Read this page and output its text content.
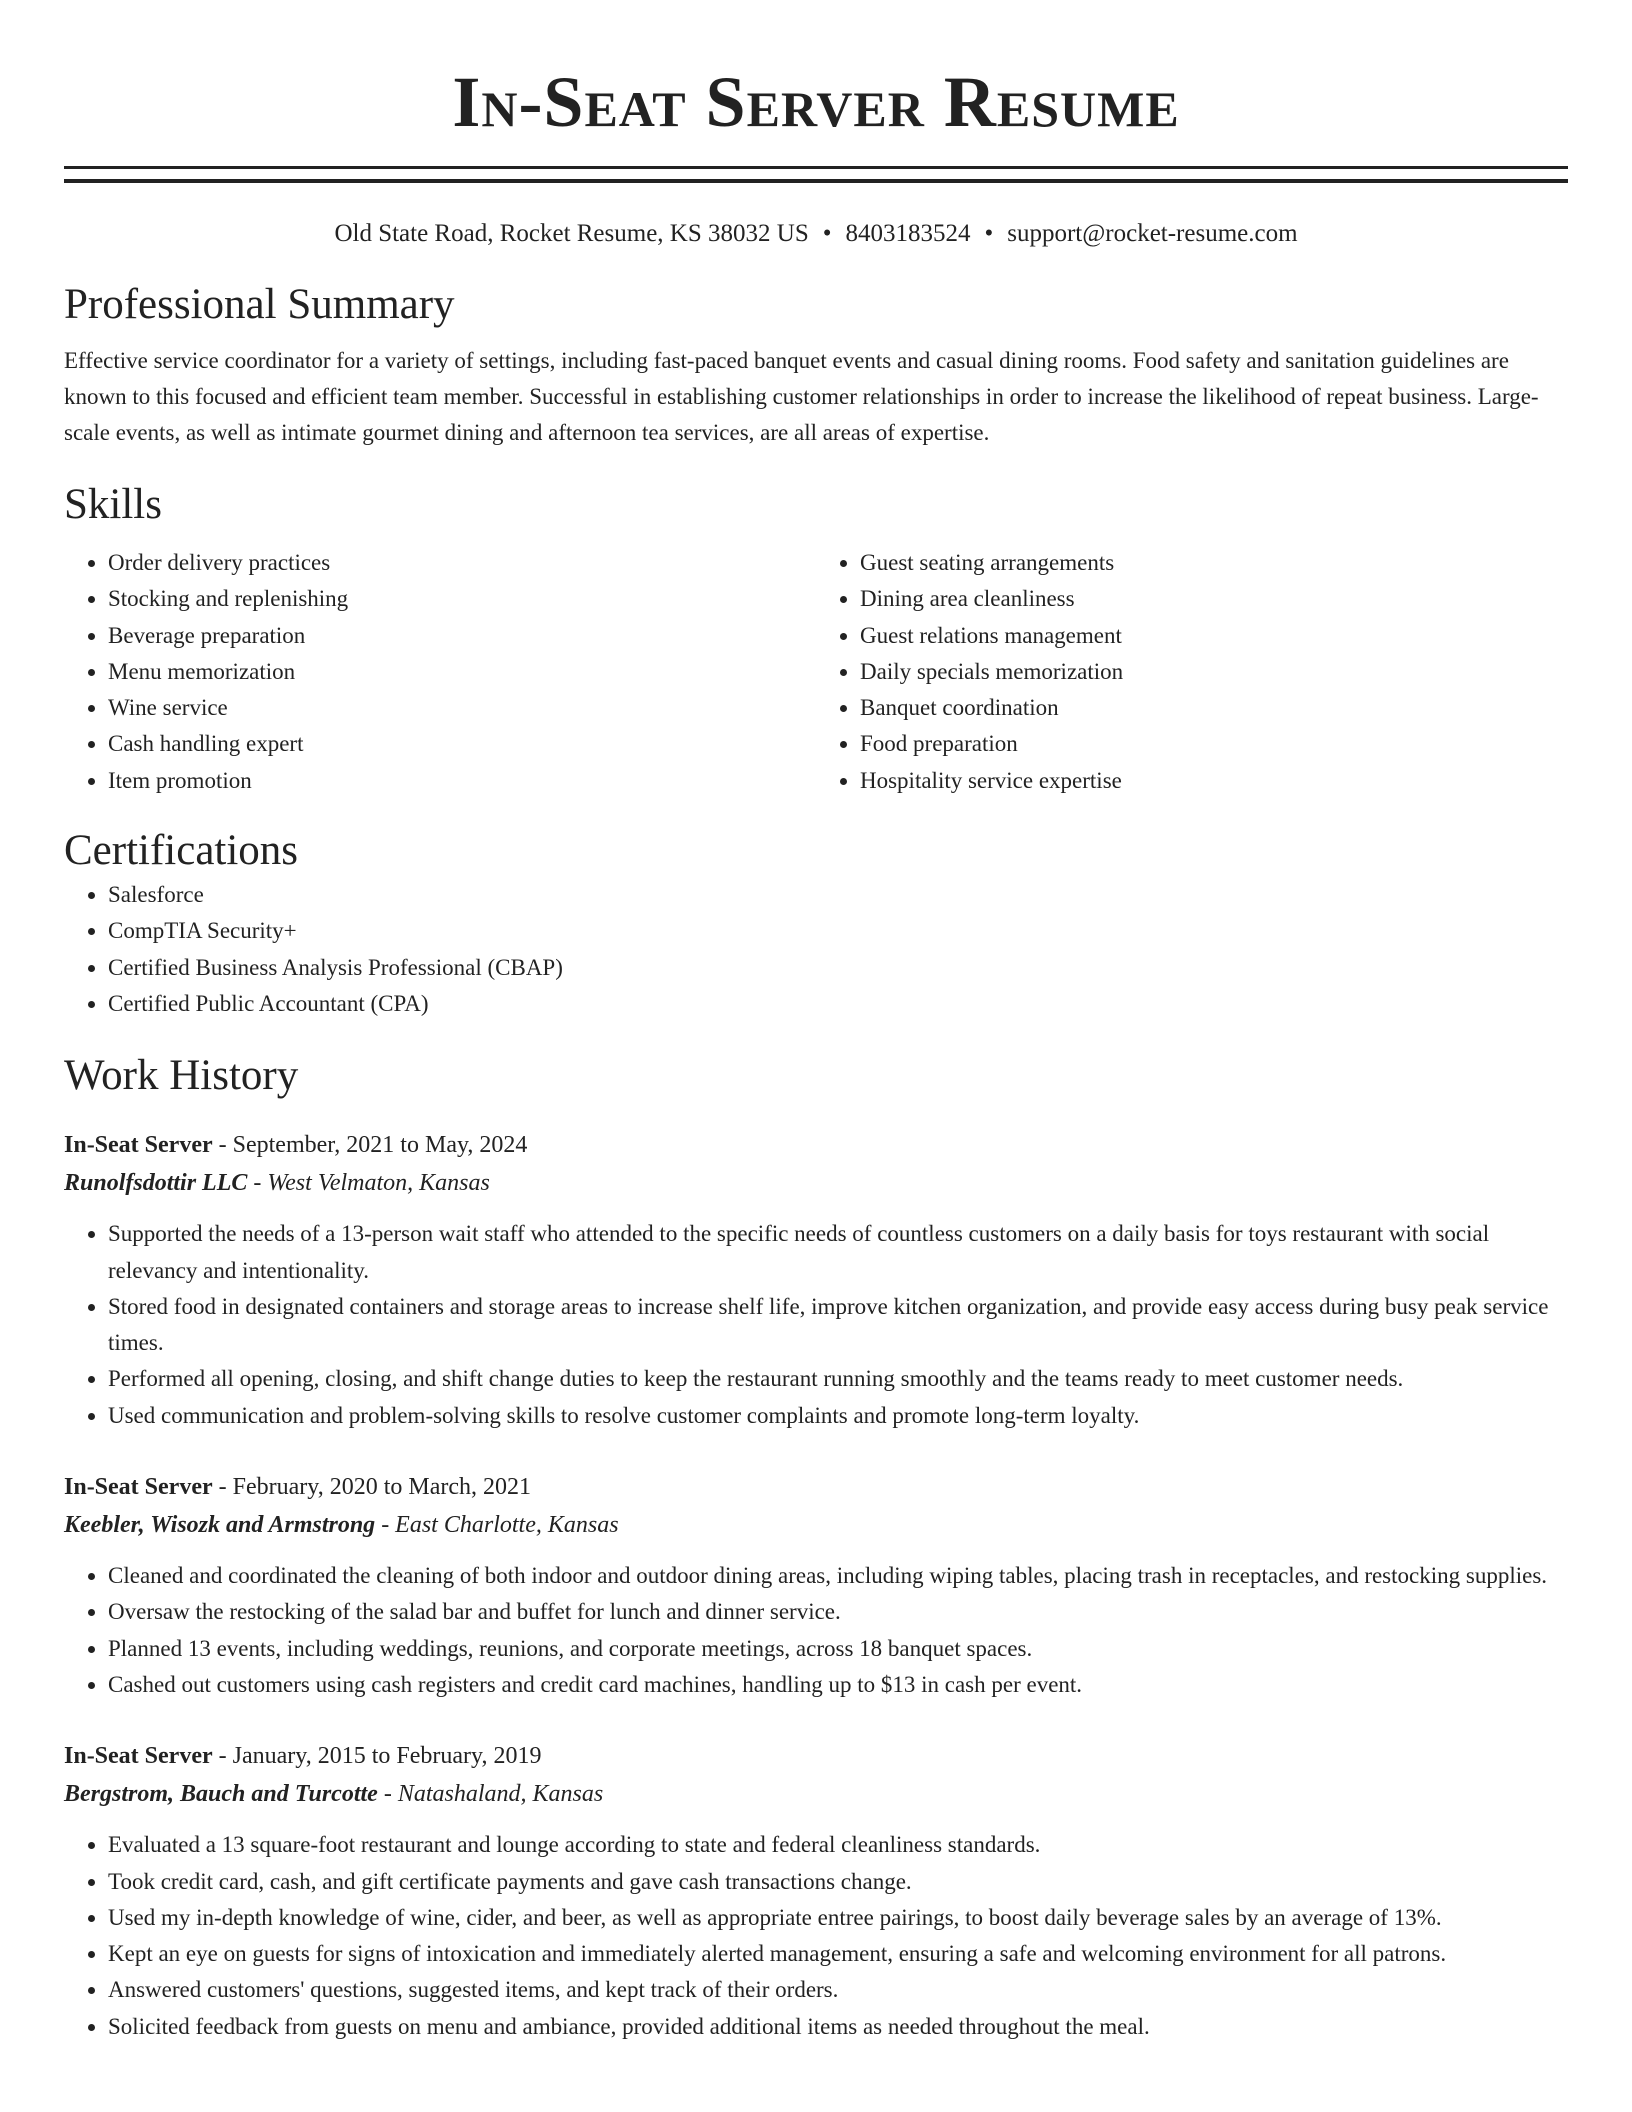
In-Seat Server Resume
Old State Road, Rocket Resume, KS 38032 US • 8403183524 • support@rocket-resume.com
Professional Summary

Effective service coordinator for a variety of settings, including fast-paced banquet events and casual dining rooms. Food safety and sanitation guidelines are known to this focused and efficient team member. Successful in establishing customer relationships in order to increase the likelihood of repeat business. Large-scale events, as well as intimate gourmet dining and afternoon tea services, are all areas of expertise.

Skills
• Order delivery practices
• Stocking and replenishing
• Beverage preparation
• Menu memorization
• Wine service
• Cash handling expert
• Item promotion
• Guest seating arrangements
• Dining area cleanliness
• Guest relations management
• Daily specials memorization
• Banquet coordination
• Food preparation
• Hospitality service expertise
Certifications
• Salesforce
• CompTIA Security+
• Certified Business Analysis Professional (CBAP)
• Certified Public Accountant (CPA)
Work History
In-Seat Server - September, 2021 to May, 2024
Runolfsdottir LLC - West Velmaton, Kansas
• Supported the needs of a 13-person wait staff who attended to the specific needs of countless customers on a daily basis for toys restaurant with social relevancy and intentionality.
• Stored food in designated containers and storage areas to increase shelf life, improve kitchen organization, and provide easy access during busy peak service times.
• Performed all opening, closing, and shift change duties to keep the restaurant running smoothly and the teams ready to meet customer needs.
• Used communication and problem-solving skills to resolve customer complaints and promote long-term loyalty.
In-Seat Server - February, 2020 to March, 2021
Keebler, Wisozk and Armstrong - East Charlotte, Kansas
• Cleaned and coordinated the cleaning of both indoor and outdoor dining areas, including wiping tables, placing trash in receptacles, and restocking supplies.
• Oversaw the restocking of the salad bar and buffet for lunch and dinner service.
• Planned 13 events, including weddings, reunions, and corporate meetings, across 18 banquet spaces.
• Cashed out customers using cash registers and credit card machines, handling up to $13 in cash per event.
In-Seat Server - January, 2015 to February, 2019
Bergstrom, Bauch and Turcotte - Natashaland, Kansas
• Evaluated a 13 square-foot restaurant and lounge according to state and federal cleanliness standards.
• Took credit card, cash, and gift certificate payments and gave cash transactions change.
• Used my in-depth knowledge of wine, cider, and beer, as well as appropriate entree pairings, to boost daily beverage sales by an average of 13%.
• Kept an eye on guests for signs of intoxication and immediately alerted management, ensuring a safe and welcoming environment for all patrons.
• Answered customers' questions, suggested items, and kept track of their orders.
• Solicited feedback from guests on menu and ambiance, provided additional items as needed throughout the meal.
